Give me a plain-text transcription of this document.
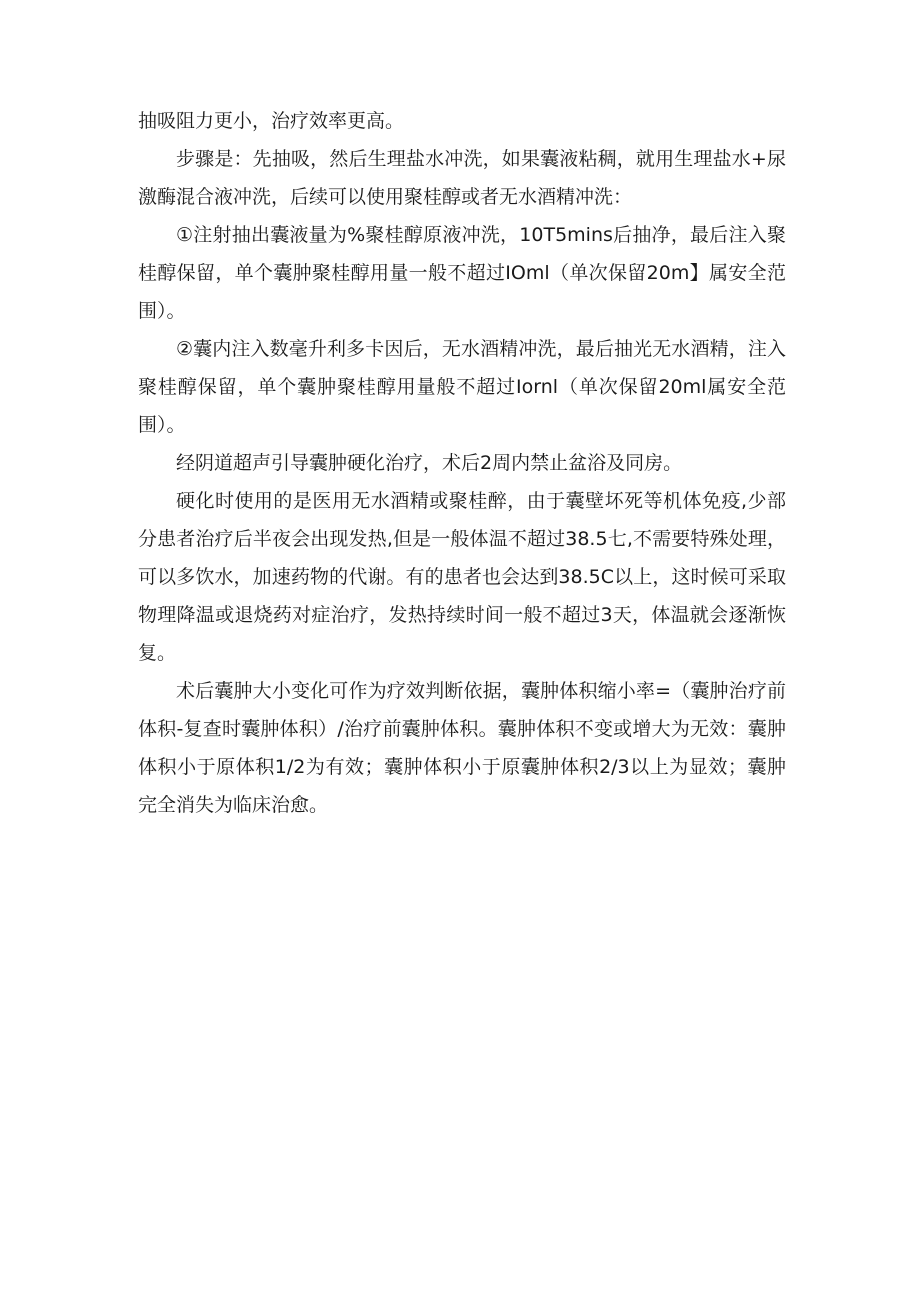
抽吸阻力更小，治疗效率更高。

步骤是：先抽吸，然后生理盐水冲洗，如果囊液粘稠，就用生理盐水+尿激酶混合液冲洗，后续可以使用聚桂醇或者无水酒精冲洗：

①注射抽出囊液量为%聚桂醇原液冲洗，10T5mins后抽净，最后注入聚桂醇保留，单个囊肿聚桂醇用量一般不超过IOml（单次保留20m】属安全范围）。

②囊内注入数毫升利多卡因后，无水酒精冲洗，最后抽光无水酒精，注入聚桂醇保留，单个囊肿聚桂醇用量般不超过Iornl（单次保留20ml属安全范围）。

经阴道超声引导囊肿硬化治疗，术后2周内禁止盆浴及同房。

硬化时使用的是医用无水酒精或聚桂醉，由于囊壁坏死等机体免疫,少部分患者治疗后半夜会出现发热,但是一般体温不超过38.5七,不需要特殊处理，可以多饮水，加速药物的代谢。有的患者也会达到38.5C以上，这时候可采取物理降温或退烧药对症治疗，发热持续时间一般不超过3天，体温就会逐渐恢复。

术后囊肿大小变化可作为疗效判断依据，囊肿体积缩小率=（囊肿治疗前体积-复查时囊肿体积）/治疗前囊肿体积。囊肿体积不变或增大为无效：囊肿体积小于原体积1/2为有效；囊肿体积小于原囊肿体积2/3以上为显效；囊肿完全消失为临床治愈。
